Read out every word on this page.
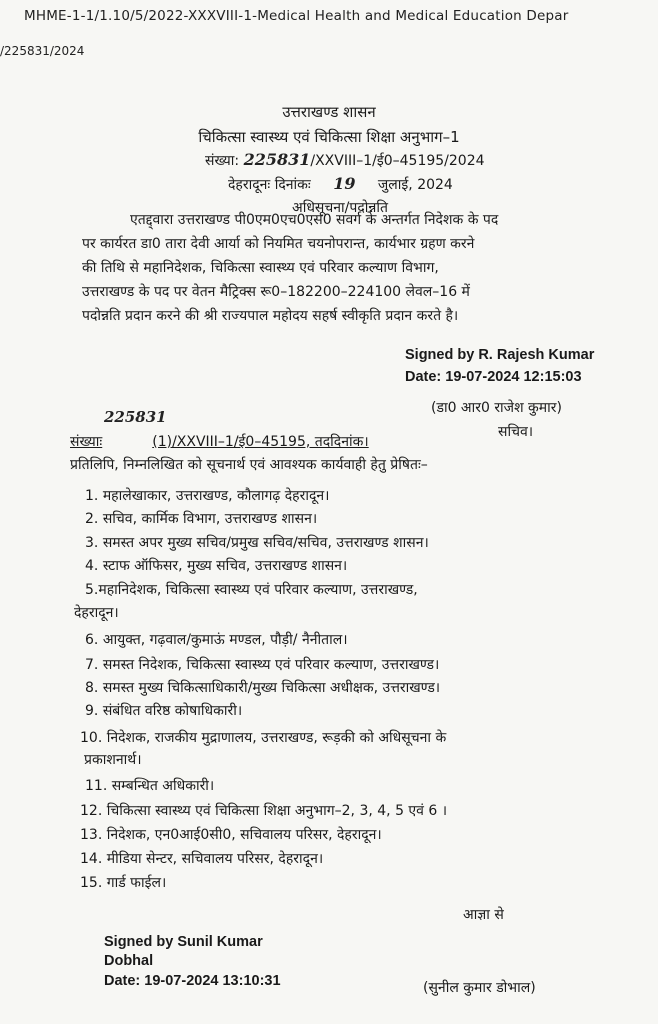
MHME-1-1/1.10/5/2022-XXXVIII-1-Medical Health and Medical Education Depar
/225831/2024
उत्तराखण्ड शासन
चिकित्सा स्वास्थ्य एवं चिकित्सा शिक्षा अनुभाग–1
संख्या: 225831/XXVIII–1/ई0–45195/2024
देहरादूनः दिनांकः 19 जुलाई, 2024
अधिसूचना/पदोन्नति
एतद्द्वारा उत्तराखण्ड पी0एम0एच0एस0 सवर्ग के अन्तर्गत निदेशक के पद
पर कार्यरत डा0 तारा देवी आर्या को नियमित चयनोपरान्त, कार्यभार ग्रहण करने
की तिथि से महानिदेशक, चिकित्सा स्वास्थ्य एवं परिवार कल्याण विभाग,
उत्तराखण्ड के पद पर वेतन मैट्रिक्स रू0–182200–224100 लेवल–16 में
पदोन्नति प्रदान करने की श्री राज्यपाल महोदय सहर्ष स्वीकृति प्रदान करते है।
Signed by R. Rajesh Kumar
Date: 19-07-2024 12:15:03
(डा0 आर0 राजेश कुमार)
सचिव।
225831
संख्याः	(1)/XXVIII–1/ई0–45195, तददिनांक।
प्रतिलिपि, निम्नलिखित को सूचनार्थ एवं आवश्यक कार्यवाही हेतु प्रेषितः–
1. महालेखाकार, उत्तराखण्ड, कौलागढ़ देहरादून।
2. सचिव, कार्मिक विभाग, उत्तराखण्ड शासन।
3. समस्त अपर मुख्य सचिव/प्रमुख सचिव/सचिव, उत्तराखण्ड शासन।
4. स्टाफ ऑफिसर, मुख्य सचिव, उत्तराखण्ड शासन।
5.महानिदेशक, चिकित्सा स्वास्थ्य एवं परिवार कल्याण, उत्तराखण्ड,
देहरादून।
6. आयुक्त, गढ़वाल/कुमाऊं मण्डल, पौड़ी/ नैनीताल।
7. समस्त निदेशक, चिकित्सा स्वास्थ्य एवं परिवार कल्याण, उत्तराखण्ड।
8. समस्त मुख्य चिकित्साधिकारी/मुख्य चिकित्सा अधीक्षक, उत्तराखण्ड।
9. संबंधित वरिष्ठ कोषाधिकारी।
10. निदेशक, राजकीय मुद्राणालय, उत्तराखण्ड, रूड़की को अधिसूचना के
प्रकाशनार्थ।
11. सम्बन्धित अधिकारी।
12. चिकित्सा स्वास्थ्य एवं चिकित्सा शिक्षा अनुभाग–2, 3, 4, 5 एवं 6 ।
13. निदेशक, एन0आई0सी0, सचिवालय परिसर, देहरादून।
14. मीडिया सेन्टर, सचिवालय परिसर, देहरादून।
15. गार्ड फाईल।
आज्ञा से
Signed by Sunil Kumar
Dobhal
Date: 19-07-2024 13:10:31	(सुनील कुमार डोभाल)
